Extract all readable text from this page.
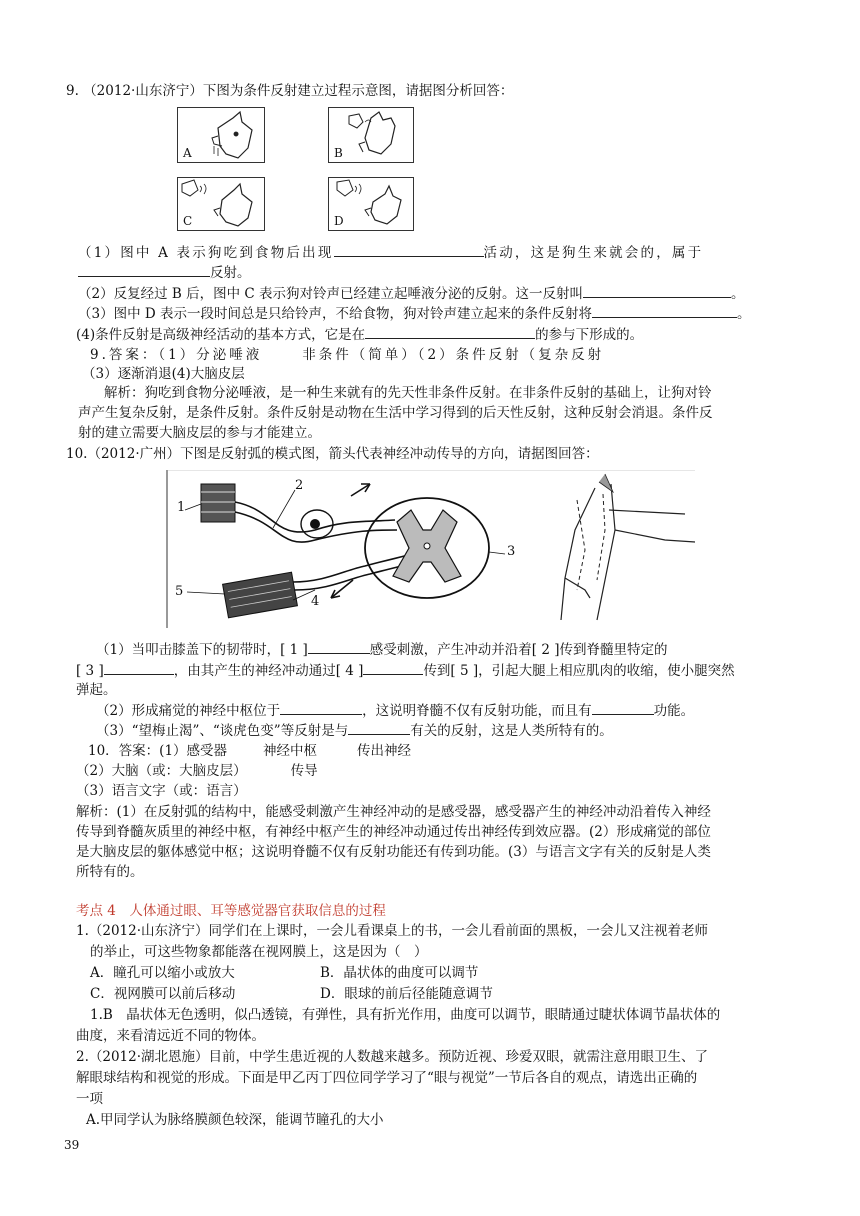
9. （2012·山东济宁）下图为条件反射建立过程示意图，请据图分析回答：
A	B
C	D
（1）图中 A 表示狗吃到食物后出现	活动，这是狗生来就会的，属于
反射。
（2）反复经过 B 后，图中 C 表示狗对铃声已经建立起唾液分泌的反射。这一反射叫	。
（3）图中 D 表示一段时间总是只给铃声，不给食物，狗对铃声建立起来的条件反射将	。
(4)条件反射是高级神经活动的基本方式，它是在	的参与下形成的。
9.答案：（1）分泌唾液	非条件（简单）（2）条件反射（复杂反射
（3）逐渐消退(4)大脑皮层
解析：狗吃到食物分泌唾液，是一种生来就有的先天性非条件反射。在非条件反射的基础上，让狗对铃
声产生复杂反射，是条件反射。条件反射是动物在生活中学习得到的后天性反射，这种反射会消退。条件反
射的建立需要大脑皮层的参与才能建立。
10.（2012·广州）下图是反射弧的模式图，箭头代表神经冲动传导的方向，请据图回答：
1
2
3
4
5
（1）当叩击膝盖下的韧带时，[ 1 ]	感受刺激，产生冲动并沿着[ 2 ]传到脊髓里特定的
[ 3 ]	，由其产生的神经冲动通过[ 4 ]	传到[ 5 ]，引起大腿上相应肌肉的收缩，使小腿突然
弹起。
（2）形成痛觉的神经中枢位于	，这说明脊髓不仅有反射功能，而且有	功能。
（3）“望梅止渴”、“谈虎色变”等反射是与	有关的反射，这是人类所特有的。
10．答案：(1）感受器	神经中枢	传出神经
（2）大脑（或：大脑皮层）	传导
（3）语言文字（或：语言）
解析：(1）在反射弧的结构中，能感受刺激产生神经冲动的是感受器，感受器产生的神经冲动沿着传入神经
传导到脊髓灰质里的神经中枢，有神经中枢产生的神经冲动通过传出神经传到效应器。(2）形成痛觉的部位
是大脑皮层的躯体感觉中枢；这说明脊髓不仅有反射功能还有传到功能。(3）与语言文字有关的反射是人类
所特有的。
考点 4　人体通过眼、耳等感觉器官获取信息的过程
1.（2012·山东济宁）同学们在上课时，一会儿看课桌上的书，一会儿看前面的黑板，一会儿又注视着老师
的举止，可这些物象都能落在视网膜上，这是因为（　）
A．瞳孔可以缩小或放大	B．晶状体的曲度可以调节
C．视网膜可以前后移动	D．眼球的前后径能随意调节
1.B　晶状体无色透明，似凸透镜，有弹性，具有折光作用，曲度可以调节，眼睛通过睫状体调节晶状体的
曲度，来看清远近不同的物体。
2.（2012·湖北恩施）目前，中学生患近视的人数越来越多。预防近视、珍爱双眼，就需注意用眼卫生、了
解眼球结构和视觉的形成。下面是甲乙丙丁四位同学学习了“眼与视觉”一节后各自的观点，请选出正确的
一项
A.甲同学认为脉络膜颜色较深，能调节瞳孔的大小
39
